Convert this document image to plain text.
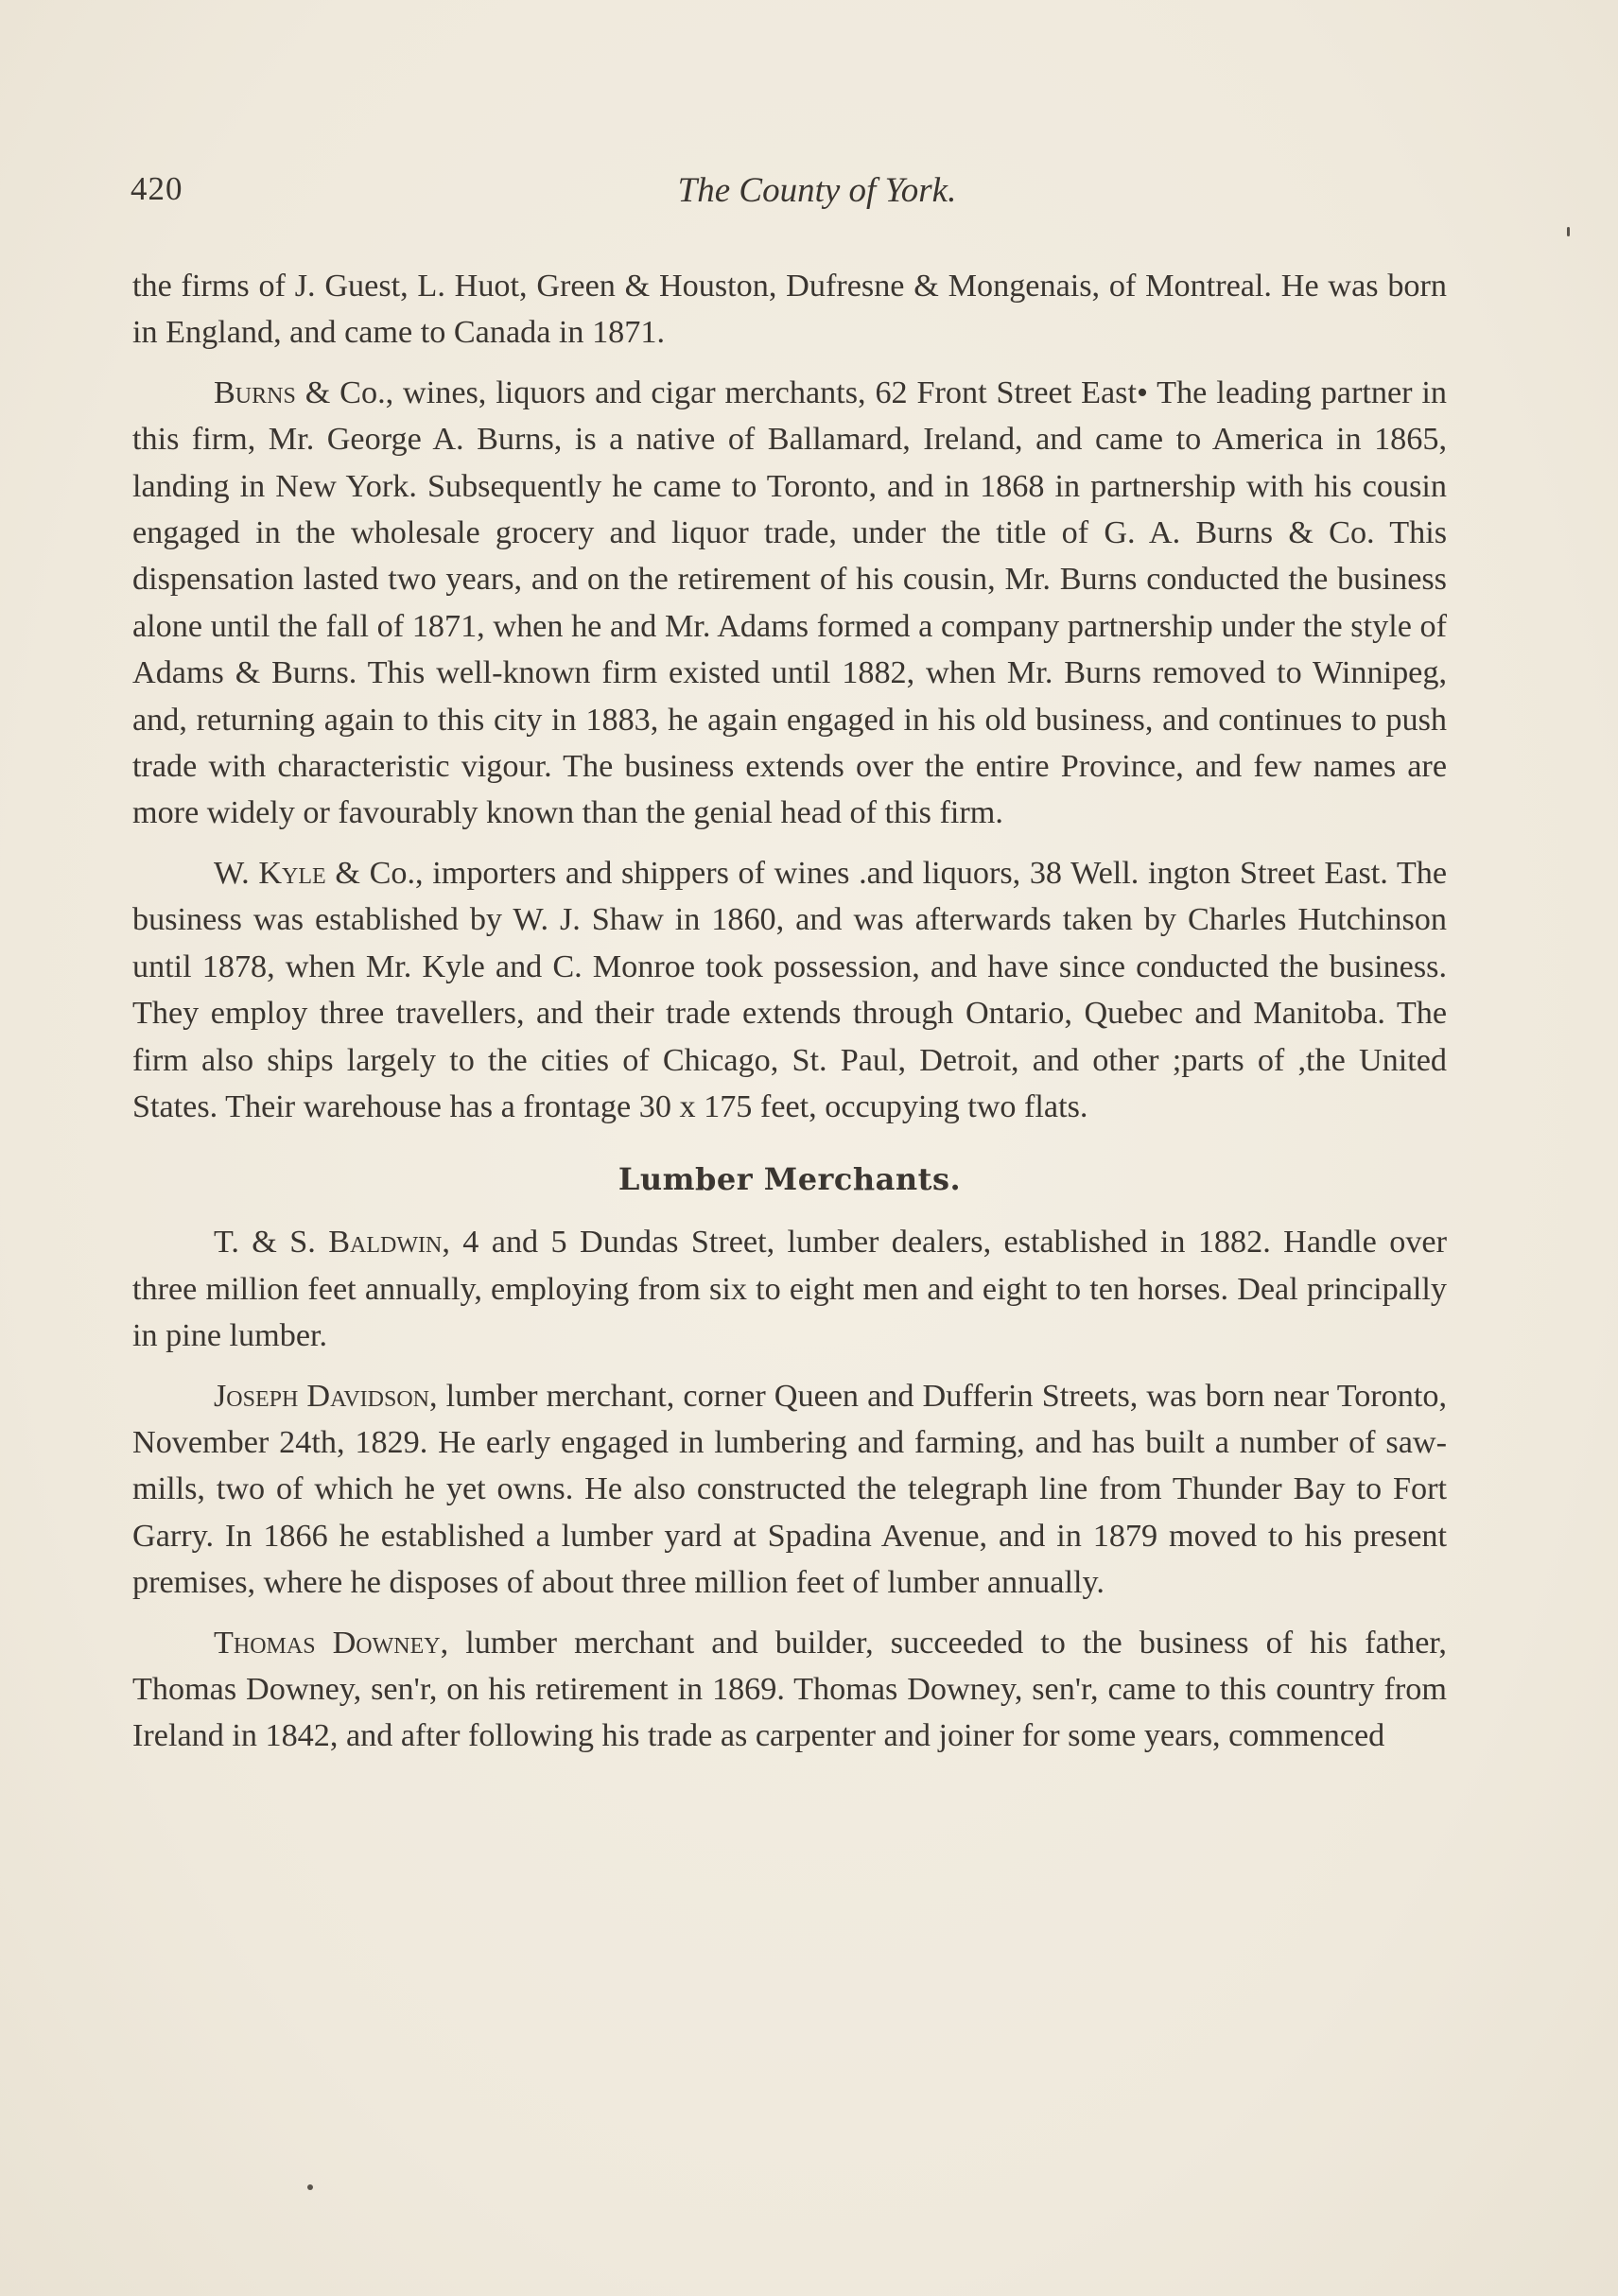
420	The County of York.

the firms of J. Guest, L. Huot, Green & Houston, Dufresne & Mongenais, of Montreal. He was born in England, and came to Canada in 1871.

Burns & Co., wines, liquors and cigar merchants, 62 Front Street East• The leading partner in this firm, Mr. George A. Burns, is a native of Ballamard, Ireland, and came to America in 1865, landing in New York. Subsequently he came to Toronto, and in 1868 in partnership with his cousin engaged in the wholesale grocery and liquor trade, under the title of G. A. Burns & Co. This dispensation lasted two years, and on the retirement of his cousin, Mr. Burns conducted the business alone until the fall of 1871, when he and Mr. Adams formed a company partnership under the style of Adams & Burns. This well-known firm existed until 1882, when Mr. Burns removed to Winnipeg, and, returning again to this city in 1883, he again engaged in his old business, and continues to push trade with characteristic vigour. The business extends over the entire Province, and few names are more widely or favourably known than the genial head of this firm.

W. Kyle & Co., importers and shippers of wines .and liquors, 38 Well. ington Street East. The business was established by W. J. Shaw in 1860, and was afterwards taken by Charles Hutchinson until 1878, when Mr. Kyle and C. Monroe took possession, and have since conducted the business. They employ three travellers, and their trade extends through Ontario, Quebec and Manitoba. The firm also ships largely to the cities of Chicago, St. Paul, Detroit, and other ;parts of ,the United States. Their warehouse has a frontage 30 x 175 feet, occupying two flats.

Lumber Merchants.

T. & S. Baldwin, 4 and 5 Dundas Street, lumber dealers, established in 1882. Handle over three million feet annually, employing from six to eight men and eight to ten horses. Deal principally in pine lumber.

Joseph Davidson, lumber merchant, corner Queen and Dufferin Streets, was born near Toronto, November 24th, 1829. He early engaged in lumbering and farming, and has built a number of saw-mills, two of which he yet owns. He also constructed the telegraph line from Thunder Bay to Fort Garry. In 1866 he established a lumber yard at Spadina Avenue, and in 1879 moved to his present premises, where he disposes of about three million feet of lumber annually.

Thomas Downey, lumber merchant and builder, succeeded to the business of his father, Thomas Downey, sen'r, on his retirement in 1869. Thomas Downey, sen'r, came to this country from Ireland in 1842, and after following his trade as carpenter and joiner for some years, commenced
